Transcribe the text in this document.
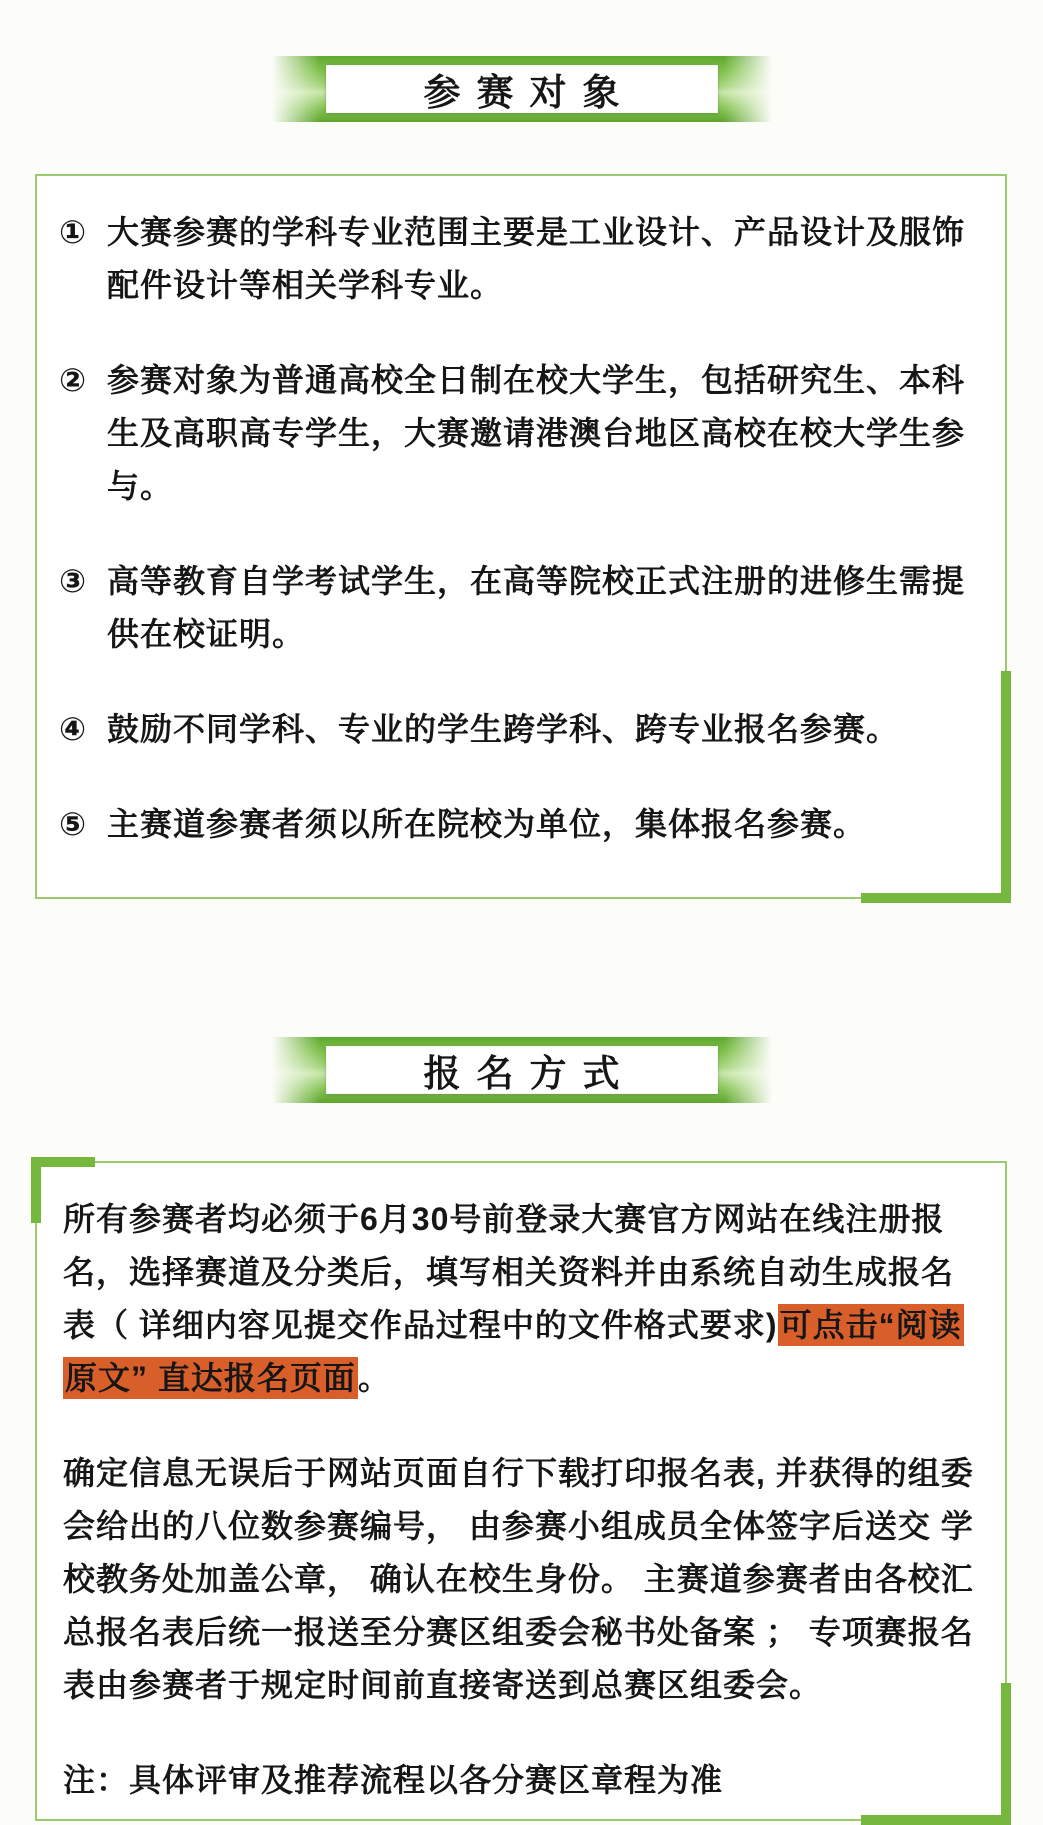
参赛对象
① 大赛参赛的学科专业范围主要是工业设计、产品设计及服饰配件设计等相关学科专业。
② 参赛对象为普通高校全日制在校大学生，包括研究生、本科生及高职高专学生，大赛邀请港澳台地区高校在校大学生参与。
③ 高等教育自学考试学生，在高等院校正式注册的进修生需提供在校证明。
④ 鼓励不同学科、专业的学生跨学科、跨专业报名参赛。
⑤ 主赛道参赛者须以所在院校为单位，集体报名参赛。
报名方式

所有参赛者均必须于6月30号前登录大赛官方网站在线注册报名，选择赛道及分类后，填写相关资料并由系统自动生成报名表（ 详细内容见提交作品过程中的文件格式要求)可点击“阅读原文” 直达报名页面。

确定信息无误后于网站页面自行下载打印报名表, 并获得的组委会给出的八位数参赛编号， 由参赛小组成员全体签字后送交 学校教务处加盖公章， 确认在校生身份。 主赛道参赛者由各校汇总报名表后统一报送至分赛区组委会秘书处备案 ； 专项赛报名表由参赛者于规定时间前直接寄送到总赛区组委会。

注：具体评审及推荐流程以各分赛区章程为准
